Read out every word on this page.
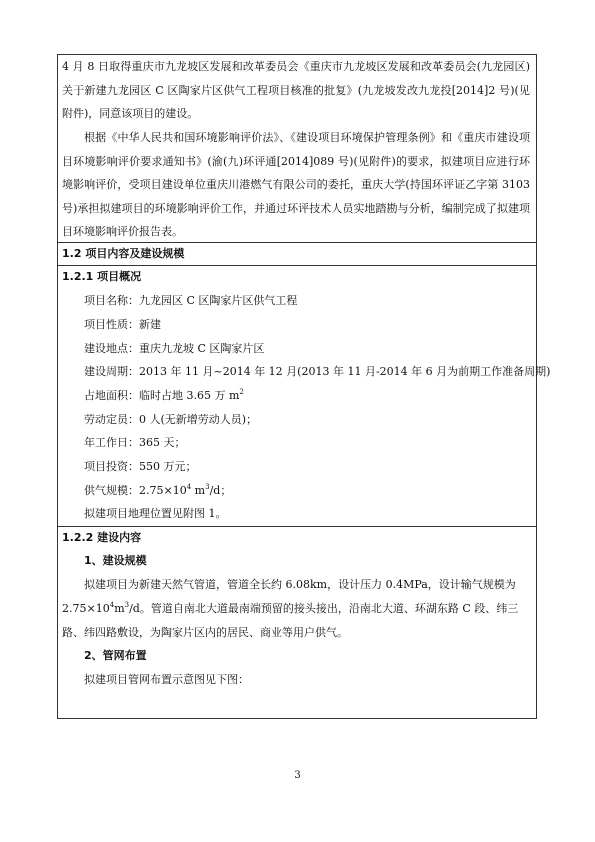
4 月 8 日取得重庆市九龙坡区发展和改革委员会《重庆市九龙坡区发展和改革委员会(九龙园区)关于新建九龙园区 C 区陶家片区供气工程项目核准的批复》(九龙坡发改九龙投[2014]2 号)(见附件)，同意该项目的建设。

根据《中华人民共和国环境影响评价法》、《建设项目环境保护管理条例》和《重庆市建设项目环境影响评价要求通知书》(渝(九)环评通[2014]089 号)(见附件)的要求，拟建项目应进行环境影响评价，受项目建设单位重庆川港燃气有限公司的委托，重庆大学(持国环评证乙字第 3103 号)承担拟建项目的环境影响评价工作，并通过环评技术人员实地踏勘与分析，编制完成了拟建项目环境影响评价报告表。

1.2 项目内容及建设规模
1.2.1 项目概况
项目名称：九龙园区 C 区陶家片区供气工程
项目性质：新建
建设地点：重庆九龙坡 C 区陶家片区
建设周期：2013 年 11 月~2014 年 12 月(2013 年 11 月-2014 年 6 月为前期工作准备周期)
占地面积：临时占地 3.65 万 $m^2$
劳动定员：0 人(无新增劳动人员)；
年工作日：365 天；
项目投资：550 万元；
供气规模：$2.75\times 10^4$ $m^3/d$；
拟建项目地理位置见附图 1。
1.2.2 建设内容
1、建设规模
拟建项目为新建天然气管道，管道全长约 6.08km，设计压力 0.4MPa，设计输气规模为
$2.75\times 10^4m^3/d$。管道自南北大道最南端预留的接头接出，沿南北大道、环湖东路 C 段、纬三
路、纬四路敷设，为陶家片区内的居民、商业等用户供气。
2、管网布置
拟建项目管网布置示意图见下图：
3
